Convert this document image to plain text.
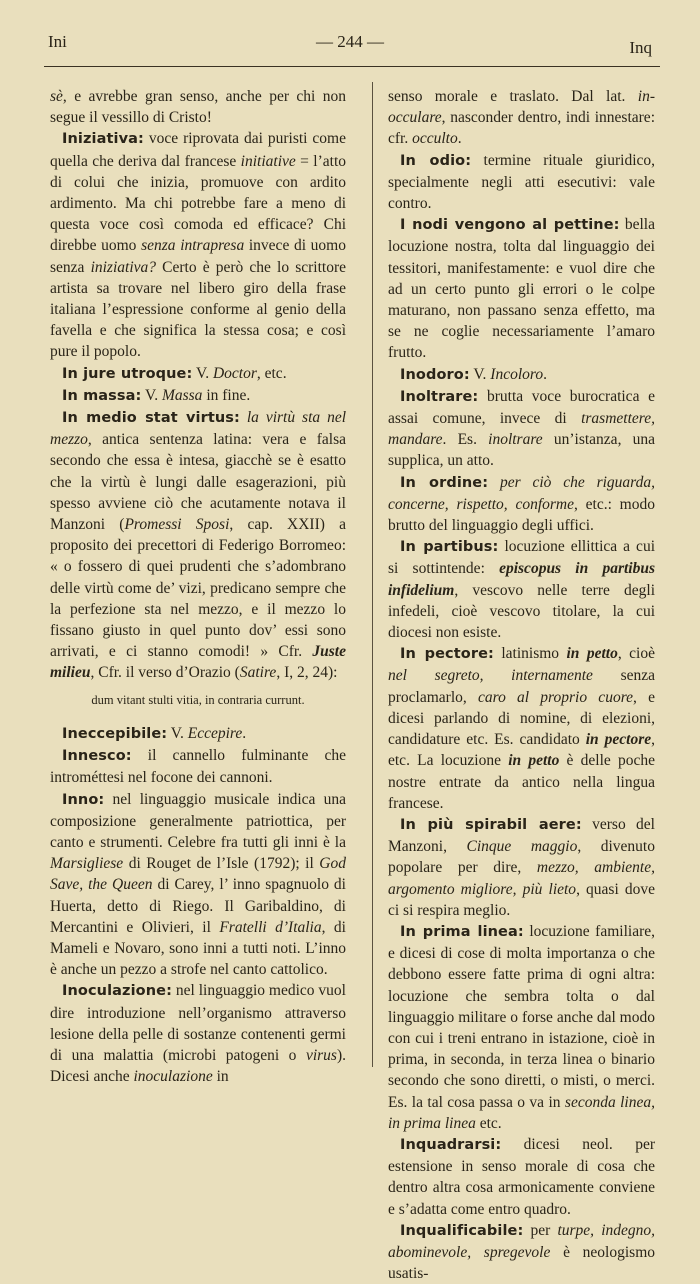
Ini	— 244 —	Inq

sè, e avrebbe gran senso, anche per chi non segue il vessillo di Cristo!

Iniziativa: voce riprovata dai puristi come quella che deriva dal francese initiative = l’atto di colui che inizia, promuove con ardito ardimento. Ma chi potrebbe fare a meno di questa voce così comoda ed efficace? Chi direbbe uomo senza intrapresa invece di uomo senza iniziativa? Certo è però che lo scrittore artista sa trovare nel libero giro della frase italiana l’espressione conforme al genio della favella e che significa la stessa cosa; e così pure il popolo.

In jure utroque: V. Doctor, etc.

In massa: V. Massa in fine.

In medio stat virtus: la virtù sta nel mezzo, antica sentenza latina: vera e falsa secondo che essa è intesa, giacchè se è esatto che la virtù è lungi dalle esagerazioni, più spesso avviene ciò che acutamente notava il Manzoni (Promessi Sposi, cap. XXII) a proposito dei precettori di Federigo Borromeo: « o fossero di quei prudenti che s’adombrano delle virtù come de’ vizi, predicano sempre che la perfezione sta nel mezzo, e il mezzo lo fissano giusto in quel punto dov’ essi sono arrivati, e ci stanno comodi! » Cfr. Juste milieu, Cfr. il verso d’Orazio (Satire, I, 2, 24):

dum vitant stulti vitia, in contraria currunt.

Ineccepibile: V. Eccepire.

Innesco: il cannello fulminante che introméttesi nel focone dei cannoni.

Inno: nel linguaggio musicale indica una composizione generalmente patriottica, per canto e strumenti. Celebre fra tutti gli inni è la Marsigliese di Rouget de l’Isle (1792); il God Save, the Queen di Carey, l’ inno spagnuolo di Huerta, detto di Riego. Il Garibaldino, di Mercantini e Olivieri, il Fratelli d’Italia, di Mameli e Novaro, sono inni a tutti noti. L’inno è anche un pezzo a strofe nel canto cattolico.

Inoculazione: nel linguaggio medico vuol dire introduzione nell’organismo attraverso lesione della pelle di sostanze contenenti germi di una malattia (microbi patogeni o virus). Dicesi anche inoculazione in

senso morale e traslato. Dal lat. in-occulare, nasconder dentro, indi innestare: cfr. occulto.

In odio: termine rituale giuridico, specialmente negli atti esecutivi: vale contro.

I nodi vengono al pettine: bella locuzione nostra, tolta dal linguaggio dei tessitori, manifestamente: e vuol dire che ad un certo punto gli errori o le colpe maturano, non passano senza effetto, ma se ne coglie necessariamente l’amaro frutto.

Inodoro: V. Incoloro.

Inoltrare: brutta voce burocratica e assai comune, invece di trasmettere, mandare. Es. inoltrare un’istanza, una supplica, un atto.

In ordine: per ciò che riguarda, concerne, rispetto, conforme, etc.: modo brutto del linguaggio degli uffici.

In partibus: locuzione ellittica a cui si sottintende: episcopus in partibus infidelium, vescovo nelle terre degli infedeli, cioè vescovo titolare, la cui diocesi non esiste.

In pectore: latinismo in petto, cioè nel segreto, internamente senza proclamarlo, caro al proprio cuore, e dicesi parlando di nomine, di elezioni, candidature etc. Es. candidato in pectore, etc. La locuzione in petto è delle poche nostre entrate da antico nella lingua francese.

In più spirabil aere: verso del Manzoni, Cinque maggio, divenuto popolare per dire, mezzo, ambiente, argomento migliore, più lieto, quasi dove ci si respira meglio.

In prima linea: locuzione familiare, e dicesi di cose di molta importanza o che debbono essere fatte prima di ogni altra: locuzione che sembra tolta o dal linguaggio militare o forse anche dal modo con cui i treni entrano in istazione, cioè in prima, in seconda, in terza linea o binario secondo che sono diretti, o misti, o merci. Es. la tal cosa passa o va in seconda linea, in prima linea etc.

Inquadrarsi: dicesi neol. per estensione in senso morale di cosa che dentro altra cosa armonicamente conviene e s’adatta come entro quadro.

Inqualificabile: per turpe, indegno, abominevole, spregevole è neologismo usatis-
